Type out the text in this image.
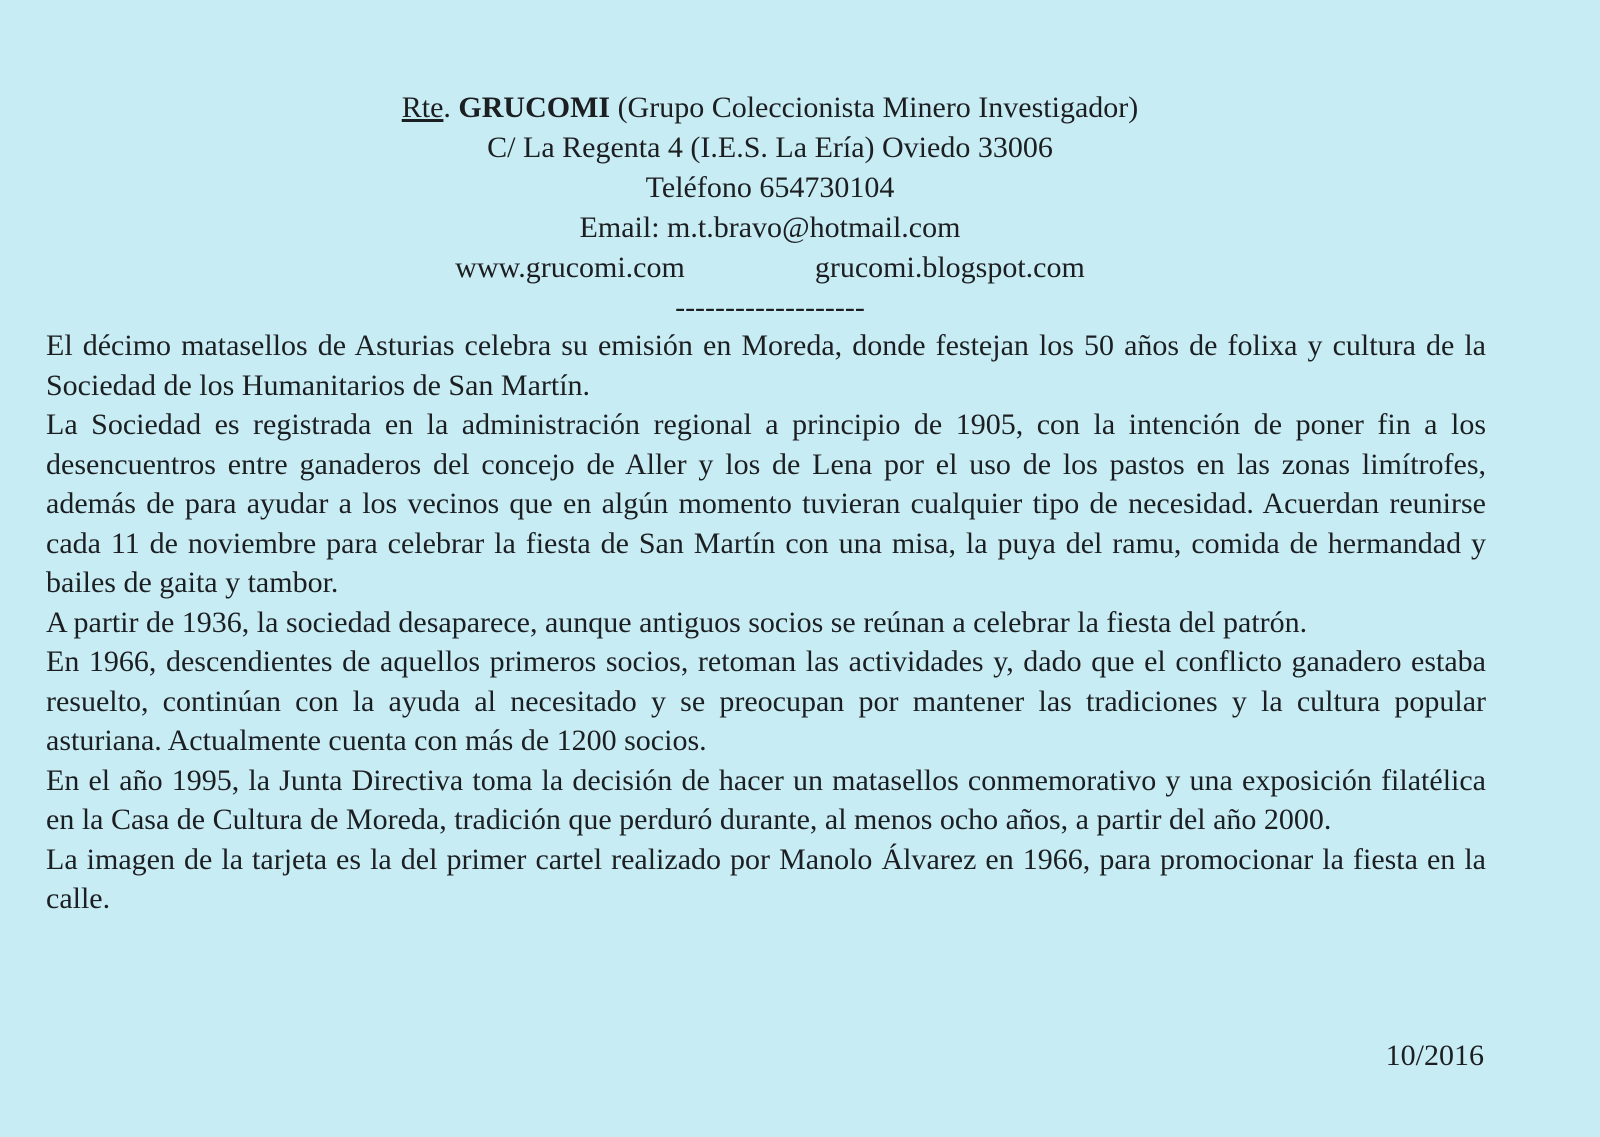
Rte. GRUCOMI (Grupo Coleccionista Minero Investigador)
C/ La Regenta 4 (I.E.S. La Ería) Oviedo 33006
Teléfono 654730104
Email: m.t.bravo@hotmail.com
www.grucomi.com	grucomi.blogspot.com
-------------------

El décimo matasellos de Asturias celebra su emisión en Moreda, donde festejan los 50 años de folixa y cultura de la Sociedad de los Humanitarios de San Martín.

La Sociedad es registrada en la administración regional a principio de 1905, con la intención de poner fin a los desencuentros entre ganaderos del concejo de Aller y los de Lena por el uso de los pastos en las zonas limítrofes, además de para ayudar a los vecinos que en algún momento tuvieran cualquier tipo de necesidad. Acuerdan reunirse cada 11 de noviembre para celebrar la fiesta de San Martín con una misa, la puya del ramu, comida de hermandad y bailes de gaita y tambor.

A partir de 1936, la sociedad desaparece, aunque antiguos socios se reúnan a celebrar la fiesta del patrón.

En 1966, descendientes de aquellos primeros socios, retoman las actividades y, dado que el conflicto ganadero estaba resuelto, continúan con la ayuda al necesitado y se preocupan por mantener las tradiciones y la cultura popular asturiana. Actualmente cuenta con más de 1200 socios.

En el año 1995, la Junta Directiva toma la decisión de hacer un matasellos conmemorativo y una exposición filatélica en la Casa de Cultura de Moreda, tradición que perduró durante, al menos ocho años, a partir del año 2000.

La imagen de la tarjeta es la del primer cartel realizado por Manolo Álvarez en 1966, para promocionar la fiesta en la calle.

10/2016
